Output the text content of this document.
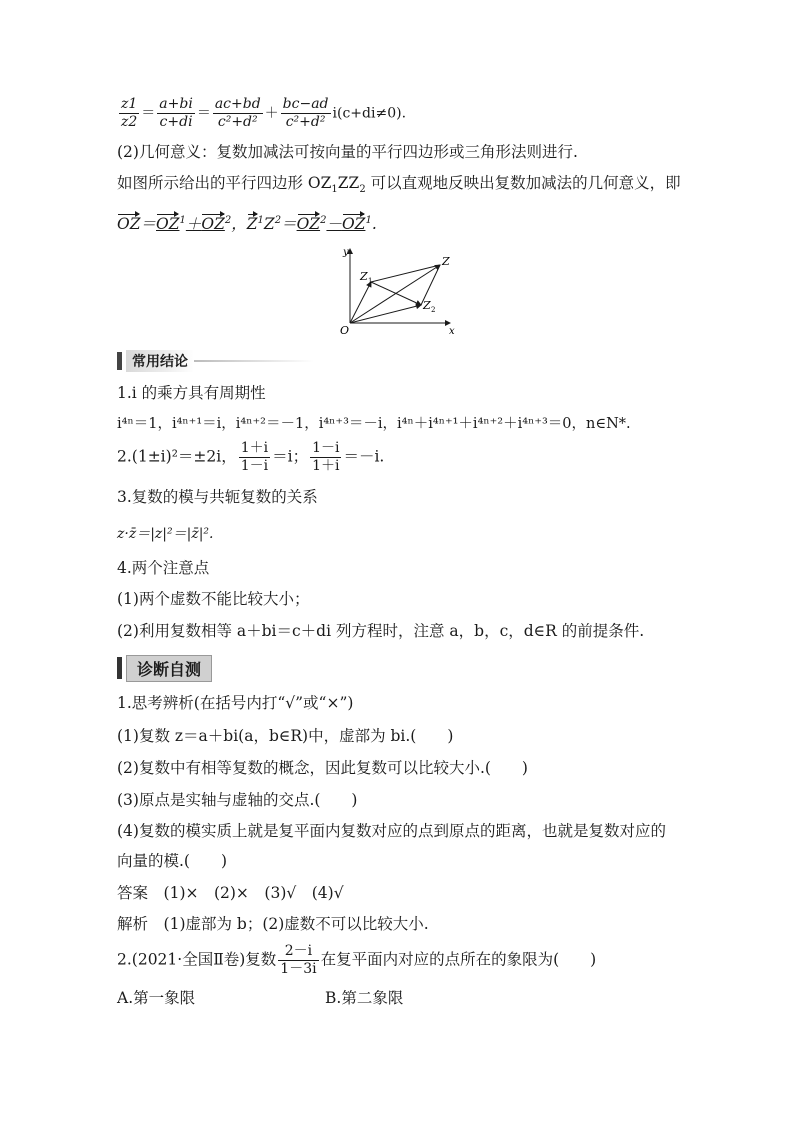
$\frac{z1}{z2} = \frac{a+bi}{c+di} = \frac{ac+bd}{\text{c²+d²}} + \frac{bc-ad}{\text{c²+d²}} i(c+di\ne 0)$.
(2)几何意义：复数加减法可按向量的平行四边形或三角形法则进行.
如图所示给出的平行四边形 $OZ_1ZZ_2$ 可以直观地反映出复数加减法的几何意义，即
$OZ=OZ^1+OZ^2$，$Z^1Z^2=OZ^2-OZ^1$.
y
x
O
Z
Z 1
Z 2
常用结论
1.i 的乘方具有周期性
i⁴ⁿ＝1，i⁴ⁿ⁺¹＝i，i⁴ⁿ⁺²＝－1，i⁴ⁿ⁺³＝－i，i⁴ⁿ＋i⁴ⁿ⁺¹＋i⁴ⁿ⁺²＋i⁴ⁿ⁺³＝0，n∈N*.
2.(1±i)²＝±2i， $\frac{1+i}{1-i} =i$； $\frac{1-i}{1+i} =-i$.
3.复数的模与共轭复数的关系
z·z̄＝|z|²＝|z̄|².
4.两个注意点
(1)两个虚数不能比较大小；
(2)利用复数相等 a＋bi＝c＋di 列方程时，注意 a，b，c，d∈R 的前提条件.
诊断自测
1.思考辨析(在括号内打“√”或“×”)
(1)复数 z＝a＋bi(a，b∈R)中，虚部为 bi.(　　)
(2)复数中有相等复数的概念，因此复数可以比较大小.(　　)
(3)原点是实轴与虚轴的交点.(　　)
(4)复数的模实质上就是复平面内复数对应的点到原点的距离，也就是复数对应的
向量的模.(　　)
答案　 (1)×　(2)×　(3)√　(4)√
解析　 (1)虚部为 b；(2)虚数不可以比较大小.
2.(2021·全国Ⅱ卷)复数 $\frac{2-i}{1-3i}$ 在复平面内对应的点所在的象限为(　　)
A.第一象限	B.第二象限
